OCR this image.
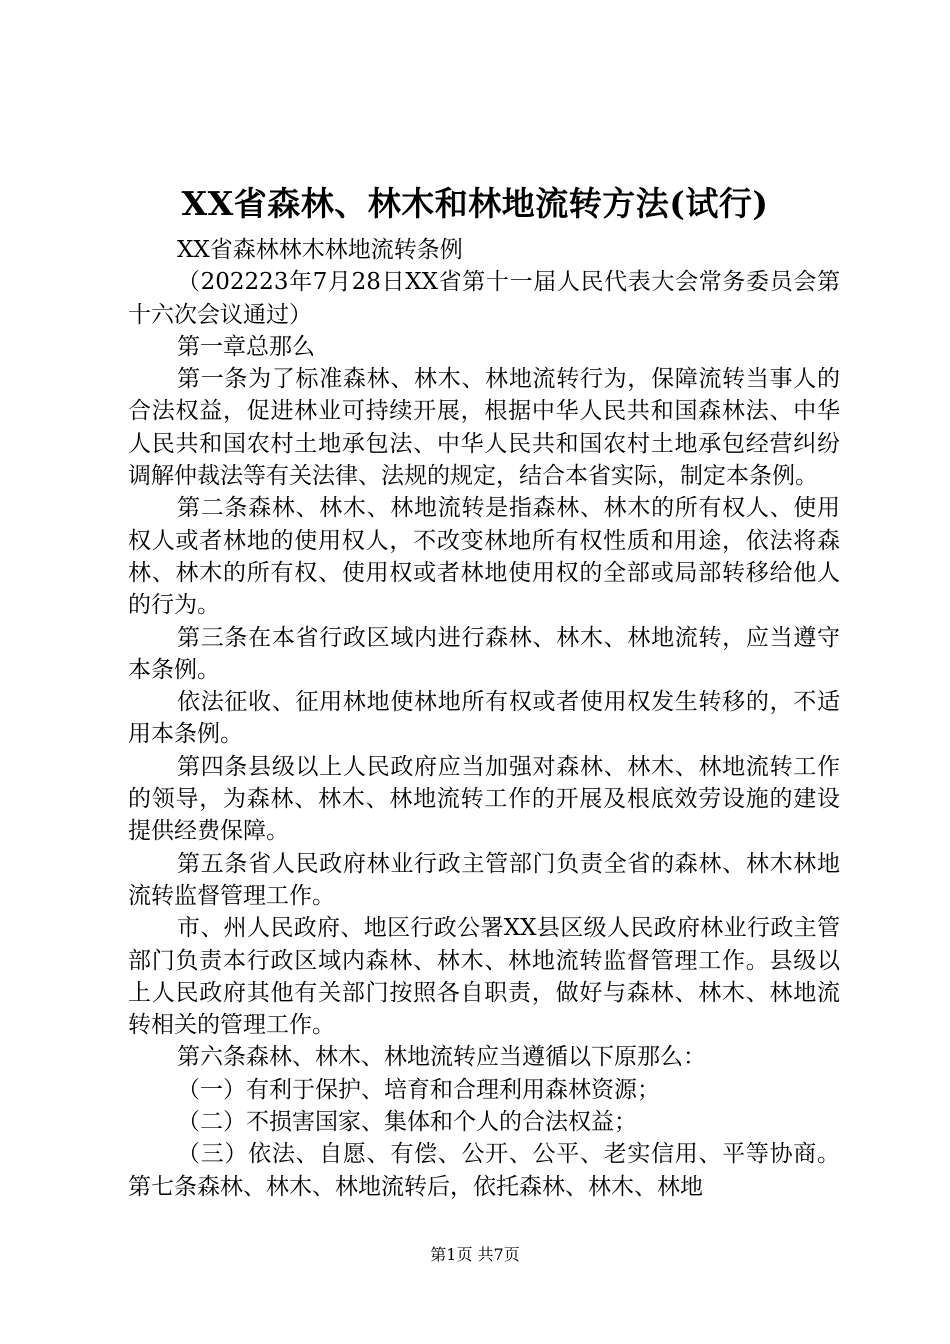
XX省森林、林木和林地流转方法(试行)

XX省森林林木林地流转条例

（202223年7月28日XX省第十一届人民代表大会常务委员会第十六次会议通过）

第一章总那么

第一条为了标准森林、林木、林地流转行为，保障流转当事人的合法权益，促进林业可持续开展，根据中华人民共和国森林法、中华人民共和国农村土地承包法、中华人民共和国农村土地承包经营纠纷调解仲裁法等有关法律、法规的规定，结合本省实际，制定本条例。

第二条森林、林木、林地流转是指森林、林木的所有权人、使用权人或者林地的使用权人，不改变林地所有权性质和用途，依法将森林、林木的所有权、使用权或者林地使用权的全部或局部转移给他人的行为。

第三条在本省行政区域内进行森林、林木、林地流转，应当遵守本条例。

依法征收、征用林地使林地所有权或者使用权发生转移的，不适用本条例。

第四条县级以上人民政府应当加强对森林、林木、林地流转工作的领导，为森林、林木、林地流转工作的开展及根底效劳设施的建设提供经费保障。

第五条省人民政府林业行政主管部门负责全省的森林、林木林地流转监督管理工作。

市、州人民政府、地区行政公署XX县区级人民政府林业行政主管部门负责本行政区域内森林、林木、林地流转监督管理工作。县级以上人民政府其他有关部门按照各自职责，做好与森林、林木、林地流转相关的管理工作。

第六条森林、林木、林地流转应当遵循以下原那么：

（一）有利于保护、培育和合理利用森林资源；

（二）不损害国家、集体和个人的合法权益；

（三）依法、自愿、有偿、公开、公平、老实信用、平等协商。第七条森林、林木、林地流转后，依托森林、林木、林地

第1页 共7页
